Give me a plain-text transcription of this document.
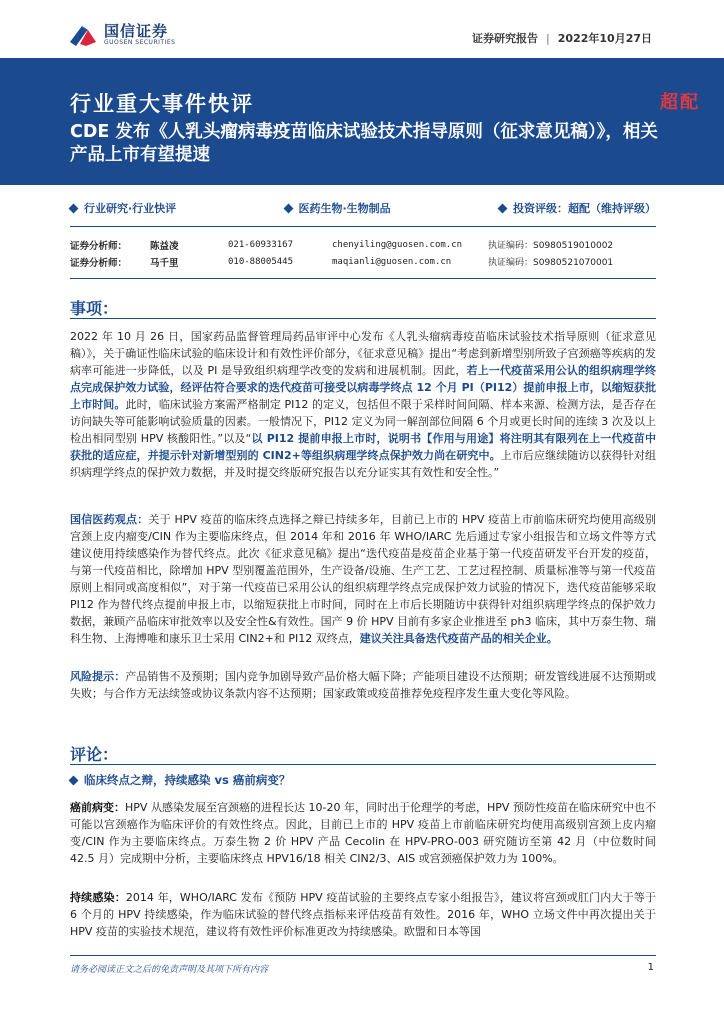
国信证券
GUOSEN SECURITIES	证券研究报告 | 2022年10月27日
行业重大事件快评	超配
CDE 发布《人乳头瘤病毒疫苗临床试验技术指导原则（征求意见稿）》，相关产品上市有望提速
行业研究·行业快评	医药生物·生物制品	投资评级：超配（维持评级）
证券分析师：	陈益凌	021-60933167	chenyiling@guosen.com.cn	执证编码：S0980519010002
证券分析师：	马千里	010-88005445	maqianli@guosen.com.cn	执证编码：S0980521070001
事项：
2022 年 10 月 26 日，国家药品监督管理局药品审评中心发布《人乳头瘤病毒疫苗临床试验技术指导原则（征求意见稿）》，关于确证性临床试验的临床设计和有效性评价部分，《征求意见稿》提出“考虑到新增型别所致子宫颈癌等疾病的发病率可能进一步降低，以及 PI 是导致组织病理学改变的发病和进展机制。因此，若上一代疫苗采用公认的组织病理学终点完成保护效力试验，经评估符合要求的迭代疫苗可接受以病毒学终点 12 个月 PI（PI12）提前申报上市，以缩短获批上市时间。此时，临床试验方案需严格制定 PI12 的定义，包括但不限于采样时间间隔、样本来源、检测方法，是否存在访问缺失等可能影响试验质量的因素。一般情况下，PI12 定义为同一解剖部位间隔 6 个月或更长时间的连续 3 次及以上检出相同型别 HPV 核酸阳性。”以及“以 PI12 提前申报上市时，说明书【作用与用途】将注明其有限列在上一代疫苗中获批的适应症，并提示针对新增型别的 CIN2+等组织病理学终点保护效力尚在研究中。上市后应继续随访以获得针对组织病理学终点的保护效力数据，并及时提交终版研究报告以充分证实其有效性和安全性。”
国信医药观点：关于 HPV 疫苗的临床终点选择之辩已持续多年，目前已上市的 HPV 疫苗上市前临床研究均使用高级别宫颈上皮内瘤变/CIN 作为主要临床终点，但 2014 年和 2016 年 WHO/IARC 先后通过专家小组报告和立场文件等方式建议使用持续感染作为替代终点。此次《征求意见稿》提出“迭代疫苗是疫苗企业基于第一代疫苗研发平台开发的疫苗，与第一代疫苗相比，除增加 HPV 型别覆盖范围外，生产设备/设施、生产工艺、工艺过程控制、质量标准等与第一代疫苗原则上相同或高度相似”，对于第一代疫苗已采用公认的组织病理学终点完成保护效力试验的情况下，迭代疫苗能够采取 PI12 作为替代终点提前申报上市，以缩短获批上市时间，同时在上市后长期随访中获得针对组织病理学终点的保护效力数据，兼顾产品临床审批效率以及安全性&有效性。国产 9 价 HPV 目前有多家企业推进至 ph3 临床，其中万泰生物、瑞科生物、上海博唯和康乐卫士采用 CIN2+和 PI12 双终点，建议关注具备迭代疫苗产品的相关企业。
风险提示：产品销售不及预期；国内竞争加剧导致产品价格大幅下降；产能项目建设不达预期；研发管线进展不达预期或失败；与合作方无法续签或协议条款内容不达预期；国家政策或疫苗推荐免疫程序发生重大变化等风险。
评论：
临床终点之辩，持续感染 vs 癌前病变？
癌前病变：HPV 从感染发展至宫颈癌的进程长达 10-20 年，同时出于伦理学的考虑，HPV 预防性疫苗在临床研究中也不可能以宫颈癌作为临床评价的有效性终点。因此，目前已上市的 HPV 疫苗上市前临床研究均使用高级别宫颈上皮内瘤变/CIN 作为主要临床终点。万泰生物 2 价 HPV 产品 Cecolin 在 HPV-PRO-003 研究随访至第 42 月（中位数时间 42.5 月）完成期中分析，主要临床终点 HPV16/18 相关 CIN2/3、AIS 或宫颈癌保护效力为 100%。
持续感染：2014 年，WHO/IARC 发布《预防 HPV 疫苗试验的主要终点专家小组报告》，建议将宫颈或肛门内大于等于 6 个月的 HPV 持续感染，作为临床试验的替代终点指标来评估疫苗有效性。2016 年，WHO 立场文件中再次提出关于 HPV 疫苗的实验技术规范，建议将有效性评价标准更改为持续感染。欧盟和日本等国
请务必阅读正文之后的免责声明及其项下所有内容	1
